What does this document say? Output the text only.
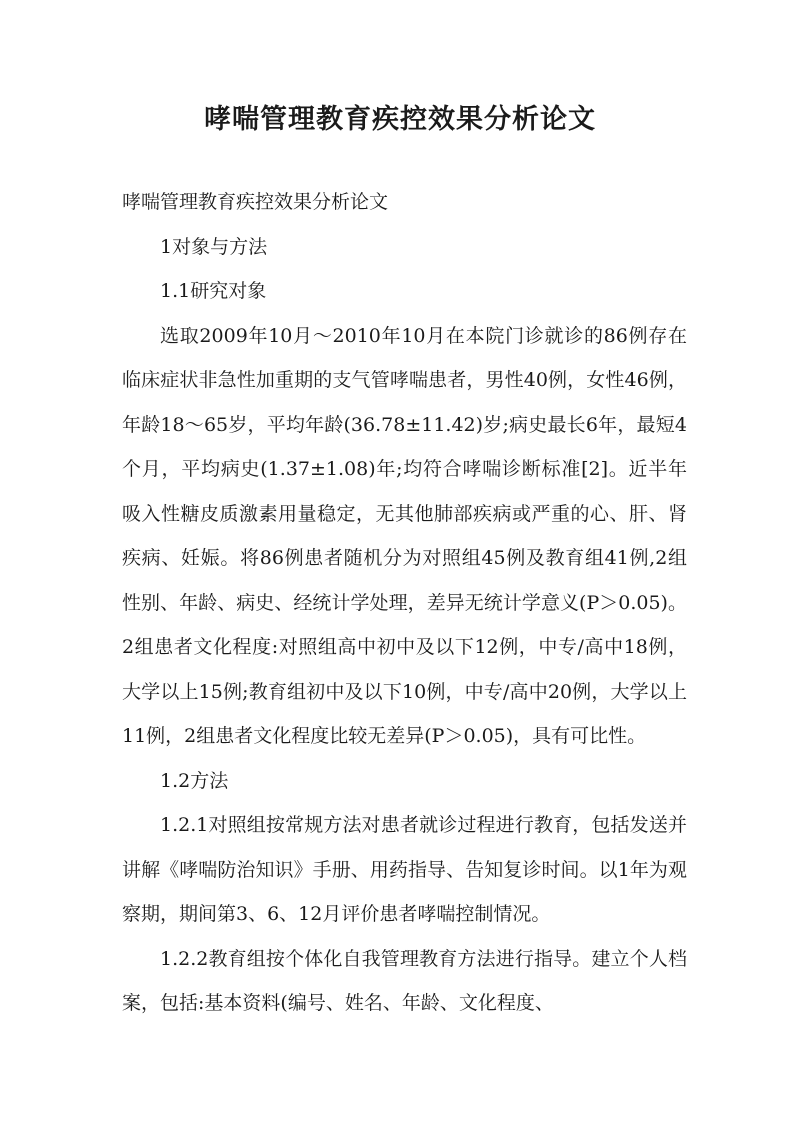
哮喘管理教育疾控效果分析论文

哮喘管理教育疾控效果分析论文

1对象与方法

1.1研究对象

选取2009年10月～2010年10月在本院门诊就诊的86例存在临床症状非急性加重期的支气管哮喘患者，男性40例，女性46例，年龄18～65岁，平均年龄(36.78±11.42)岁;病史最长6年，最短4个月，平均病史(1.37±1.08)年;均符合哮喘诊断标准[2]。近半年吸入性糖皮质激素用量稳定，无其他肺部疾病或严重的心、肝、肾疾病、妊娠。将86例患者随机分为对照组45例及教育组41例,2组性别、年龄、病史、经统计学处理，差异无统计学意义(P＞0.05)。2组患者文化程度:对照组高中初中及以下12例，中专/高中18例，大学以上15例;教育组初中及以下10例，中专/高中20例，大学以上11例，2组患者文化程度比较无差异(P＞0.05)，具有可比性。

1.2方法

1.2.1对照组按常规方法对患者就诊过程进行教育，包括发送并讲解《哮喘防治知识》手册、用药指导、告知复诊时间。以1年为观察期，期间第3、6、12月评价患者哮喘控制情况。

1.2.2教育组按个体化自我管理教育方法进行指导。建立个人档案，包括:基本资料(编号、姓名、年龄、文化程度、
